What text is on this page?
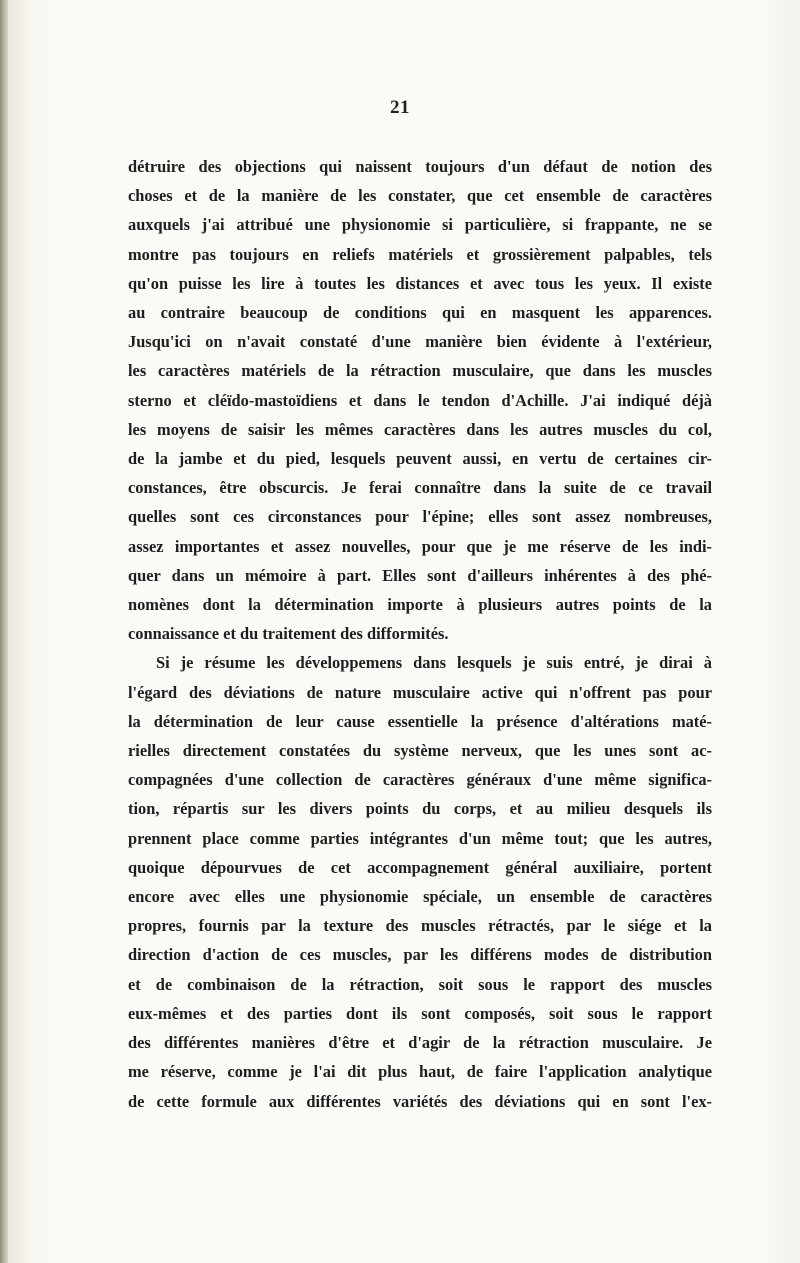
21
détruire des objections qui naissent toujours d'un défaut de notion des
choses et de la manière de les constater, que cet ensemble de caractères
auxquels j'ai attribué une physionomie si particulière, si frappante, ne se
montre pas toujours en reliefs matériels et grossièrement palpables, tels
qu'on puisse les lire à toutes les distances et avec tous les yeux. Il existe
au contraire beaucoup de conditions qui en masquent les apparences.
Jusqu'ici on n'avait constaté d'une manière bien évidente à l'extérieur,
les caractères matériels de la rétraction musculaire, que dans les muscles
sterno et cléïdo-mastoïdiens et dans le tendon d'Achille. J'ai indiqué déjà
les moyens de saisir les mêmes caractères dans les autres muscles du col,
de la jambe et du pied, lesquels peuvent aussi, en vertu de certaines cir-
constances, être obscurcis. Je ferai connaître dans la suite de ce travail
quelles sont ces circonstances pour l'épine; elles sont assez nombreuses,
assez importantes et assez nouvelles, pour que je me réserve de les indi-
quer dans un mémoire à part. Elles sont d'ailleurs inhérentes à des phé-
nomènes dont la détermination importe à plusieurs autres points de la
connaissance et du traitement des difformités.
Si je résume les développemens dans lesquels je suis entré, je dirai à
l'égard des déviations de nature musculaire active qui n'offrent pas pour
la détermination de leur cause essentielle la présence d'altérations maté-
rielles directement constatées du système nerveux, que les unes sont ac-
compagnées d'une collection de caractères généraux d'une même significa-
tion, répartis sur les divers points du corps, et au milieu desquels ils
prennent place comme parties intégrantes d'un même tout; que les autres,
quoique dépourvues de cet accompagnement général auxiliaire, portent
encore avec elles une physionomie spéciale, un ensemble de caractères
propres, fournis par la texture des muscles rétractés, par le siége et la
direction d'action de ces muscles, par les différens modes de distribution
et de combinaison de la rétraction, soit sous le rapport des muscles
eux-mêmes et des parties dont ils sont composés, soit sous le rapport
des différentes manières d'être et d'agir de la rétraction musculaire. Je
me réserve, comme je l'ai dit plus haut, de faire l'application analytique
de cette formule aux différentes variétés des déviations qui en sont l'ex-
